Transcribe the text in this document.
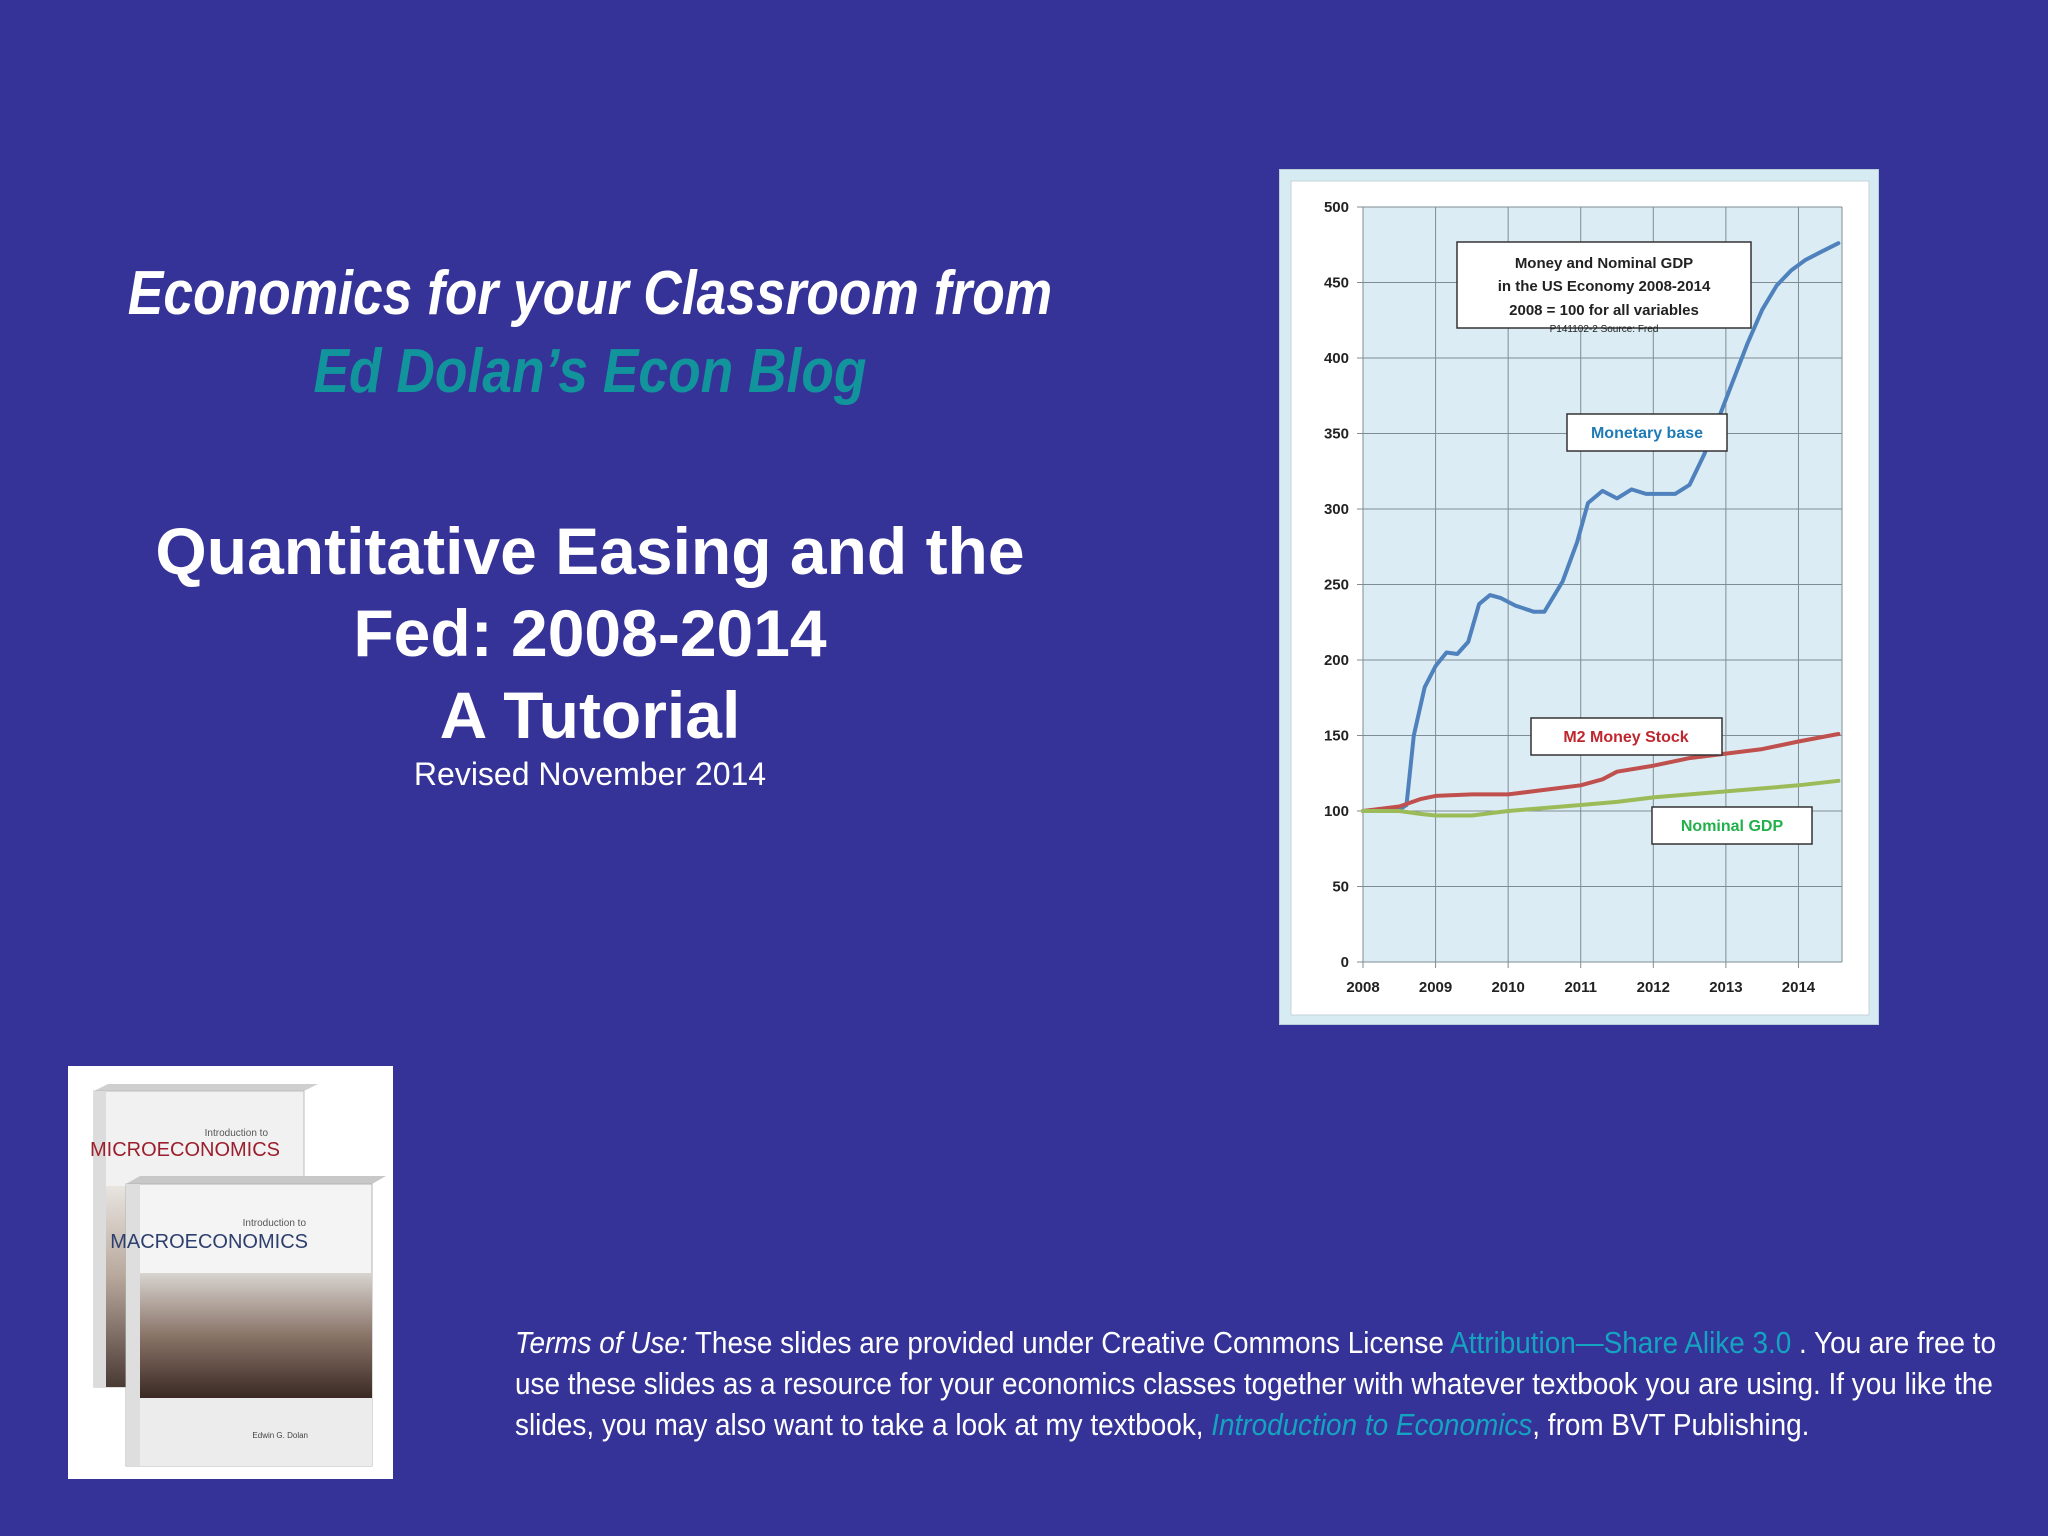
Economics for your Classroom from
Ed Dolan’s Econ Blog
Quantitative Easing and the
Fed: 2008-2014
A Tutorial
Revised November 2014
500
450
400
350
300
250
200
150
100
50
0
2008	2009	2010	2011	2012	2013	2014
Money and Nominal GDP
in the US Economy 2008-2014
2008 = 100 for all variables
P141102-2 Source: Fred
Monetary base
M2 Money Stock
Nominal GDP
Introduction to
MICROECONOMICS
Introduction to
MACROECONOMICS
Edwin G. Dolan
Terms of Use: These slides are provided under Creative Commons License Attribution—Share Alike 3.0 . You are free to use these slides as a resource for your economics classes together with whatever textbook you are using. If you like the slides, you may also want to take a look at my textbook, Introduction to Economics, from BVT Publishing.
